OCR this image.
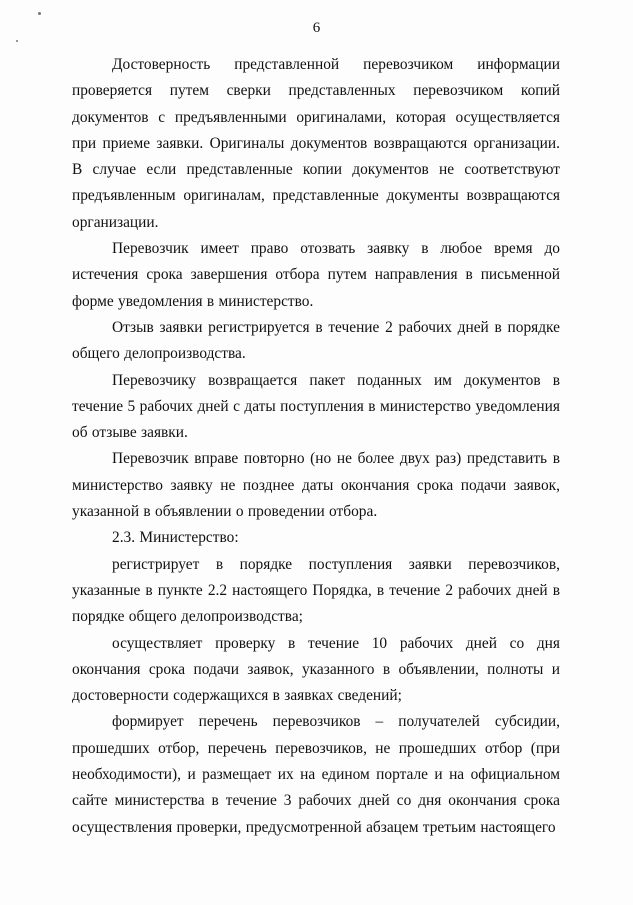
6

Достоверность представленной перевозчиком информации проверяется путем сверки представленных перевозчиком копий документов с предъявленными оригиналами, которая осуществляется при приеме заявки. Оригиналы документов возвращаются организации. В случае если представленные копии документов не соответствуют предъявленным оригиналам, представленные документы возвращаются организации.

Перевозчик имеет право отозвать заявку в любое время до истечения срока завершения отбора путем направления в письменной форме уведомления в министерство.

Отзыв заявки регистрируется в течение 2 рабочих дней в порядке общего делопроизводства.

Перевозчику возвращается пакет поданных им документов в течение 5 рабочих дней с даты поступления в министерство уведомления об отзыве заявки.

Перевозчик вправе повторно (но не более двух раз) представить в министерство заявку не позднее даты окончания срока подачи заявок, указанной в объявлении о проведении отбора.

2.3. Министерство:

регистрирует в порядке поступления заявки перевозчиков, указанные в пункте 2.2 настоящего Порядка, в течение 2 рабочих дней в порядке общего делопроизводства;

осуществляет проверку в течение 10 рабочих дней со дня окончания срока подачи заявок, указанного в объявлении, полноты и достоверности содержащихся в заявках сведений;

формирует перечень перевозчиков – получателей субсидии, прошедших отбор, перечень перевозчиков, не прошедших отбор (при необходимости), и размещает их на едином портале и на официальном сайте министерства в течение 3 рабочих дней со дня окончания срока осуществления проверки, предусмотренной абзацем третьим настоящего
